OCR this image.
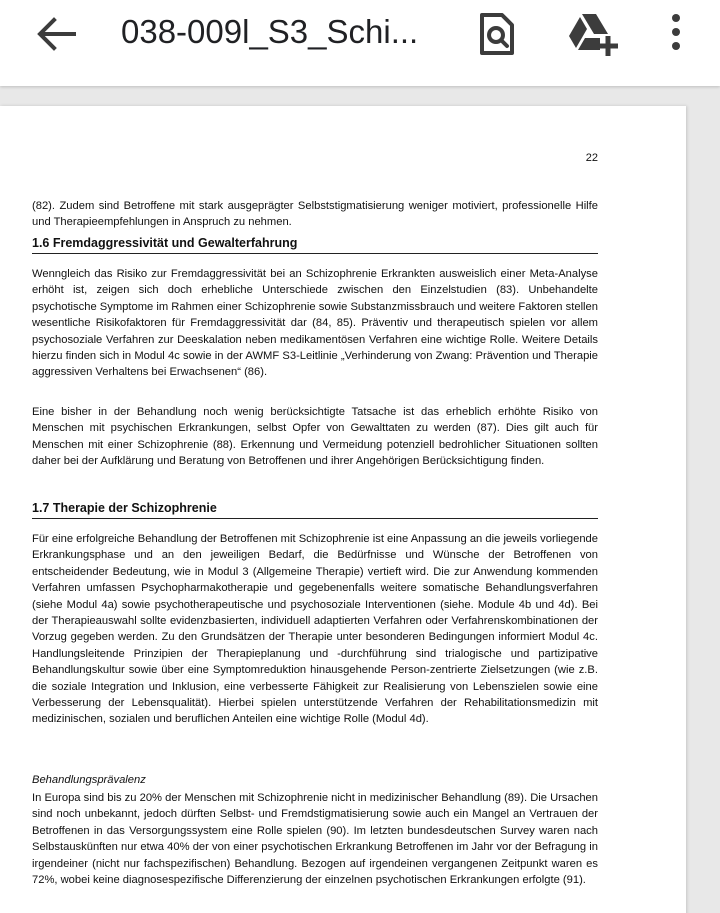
038-009l_S3_Schi...
22

(82). Zudem sind Betroffene mit stark ausgeprägter Selbststigmatisierung weniger motiviert, professionelle Hilfe und Therapieempfehlungen in Anspruch zu nehmen.

1.6 Fremdaggressivität und Gewalterfahrung

Wenngleich das Risiko zur Fremdaggressivität bei an Schizophrenie Erkrankten ausweislich einer Meta-Analyse erhöht ist, zeigen sich doch erhebliche Unterschiede zwischen den Einzelstudien (83). Unbehandelte psychotische Symptome im Rahmen einer Schizophrenie sowie Substanzmissbrauch und weitere Faktoren stellen wesentliche Risikofaktoren für Fremdaggressivität dar (84, 85). Präventiv und therapeutisch spielen vor allem psychosoziale Verfahren zur Deeskalation neben medikamentösen Verfahren eine wichtige Rolle. Weitere Details hierzu finden sich in Modul 4c sowie in der AWMF S3-Leitlinie „Verhinderung von Zwang: Prävention und Therapie aggressiven Verhaltens bei Erwachsenen“ (86).

Eine bisher in der Behandlung noch wenig berücksichtigte Tatsache ist das erheblich erhöhte Risiko von Menschen mit psychischen Erkrankungen, selbst Opfer von Gewalttaten zu werden (87). Dies gilt auch für Menschen mit einer Schizophrenie (88). Erkennung und Vermeidung potenziell bedrohlicher Situationen sollten daher bei der Aufklärung und Beratung von Betroffenen und ihrer Angehörigen Berücksichtigung finden.

1.7 Therapie der Schizophrenie

Für eine erfolgreiche Behandlung der Betroffenen mit Schizophrenie ist eine Anpassung an die jeweils vorliegende Erkrankungsphase und an den jeweiligen Bedarf, die Bedürfnisse und Wünsche der Betroffenen von entscheidender Bedeutung, wie in Modul 3 (Allgemeine Therapie) vertieft wird. Die zur Anwendung kommenden Verfahren umfassen Psychopharmakotherapie und gegebenenfalls weitere somatische Behandlungsverfahren (siehe Modul 4a) sowie psychotherapeutische und psychosoziale Interventionen (siehe. Module 4b und 4d). Bei der Therapieauswahl sollte evidenzbasierten, individuell adaptierten Verfahren oder Verfahrenskombinationen der Vorzug gegeben werden. Zu den Grundsätzen der Therapie unter besonderen Bedingungen informiert Modul 4c. Handlungsleitende Prinzipien der Therapieplanung und -durchführung sind trialogische und partizipative Behandlungskultur sowie über eine Symptomreduktion hinausgehende Person-zentrierte Zielsetzungen (wie z.B. die soziale Integration und Inklusion, eine verbesserte Fähigkeit zur Realisierung von Lebenszielen sowie eine Verbesserung der Lebensqualität). Hierbei spielen unterstützende Verfahren der Rehabilitationsmedizin mit medizinischen, sozialen und beruflichen Anteilen eine wichtige Rolle (Modul 4d).

Behandlungsprävalenz

In Europa sind bis zu 20% der Menschen mit Schizophrenie nicht in medizinischer Behandlung (89). Die Ursachen sind noch unbekannt, jedoch dürften Selbst- und Fremdstigmatisierung sowie auch ein Mangel an Vertrauen der Betroffenen in das Versorgungssystem eine Rolle spielen (90). Im letzten bundesdeutschen Survey waren nach Selbstauskünften nur etwa 40% der von einer psychotischen Erkrankung Betroffenen im Jahr vor der Befragung in irgendeiner (nicht nur fachspezifischen) Behandlung. Bezogen auf irgendeinen vergangenen Zeitpunkt waren es 72%, wobei keine diagnosespezifische Differenzierung der einzelnen psychotischen Erkrankungen erfolgte (91).
